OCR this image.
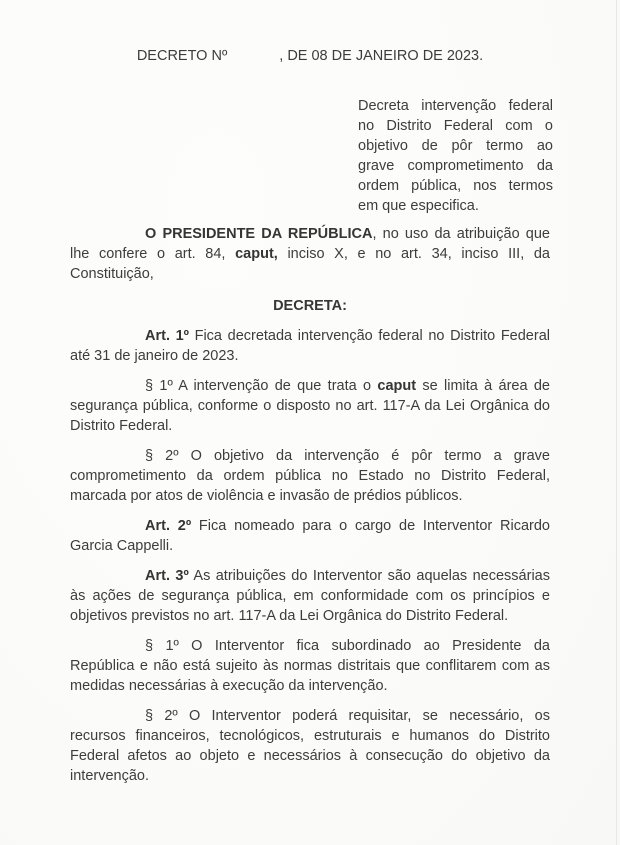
DECRETO Nº	, DE 08 DE JANEIRO DE 2023.

Decreta intervenção federal no Distrito Federal com o objetivo de pôr termo ao grave comprometimento da ordem pública, nos termos em que especifica.

O PRESIDENTE DA REPÚBLICA, no uso da atribuição que lhe confere o art. 84, caput, inciso X, e no art. 34, inciso III, da Constituição,

DECRETA:

Art. 1º Fica decretada intervenção federal no Distrito Federal até 31 de janeiro de 2023.

§ 1º A intervenção de que trata o caput se limita à área de segurança pública, conforme o disposto no art. 117-A da Lei Orgânica do Distrito Federal.

§ 2º O objetivo da intervenção é pôr termo a grave comprometimento da ordem pública no Estado no Distrito Federal, marcada por atos de violência e invasão de prédios públicos.

Art. 2º Fica nomeado para o cargo de Interventor Ricardo Garcia Cappelli.

Art. 3º As atribuições do Interventor são aquelas necessárias às ações de segurança pública, em conformidade com os princípios e objetivos previstos no art. 117-A da Lei Orgânica do Distrito Federal.

§ 1º O Interventor fica subordinado ao Presidente da República e não está sujeito às normas distritais que conflitarem com as medidas necessárias à execução da intervenção.

§ 2º O Interventor poderá requisitar, se necessário, os recursos financeiros, tecnológicos, estruturais e humanos do Distrito Federal afetos ao objeto e necessários à consecução do objetivo da intervenção.
